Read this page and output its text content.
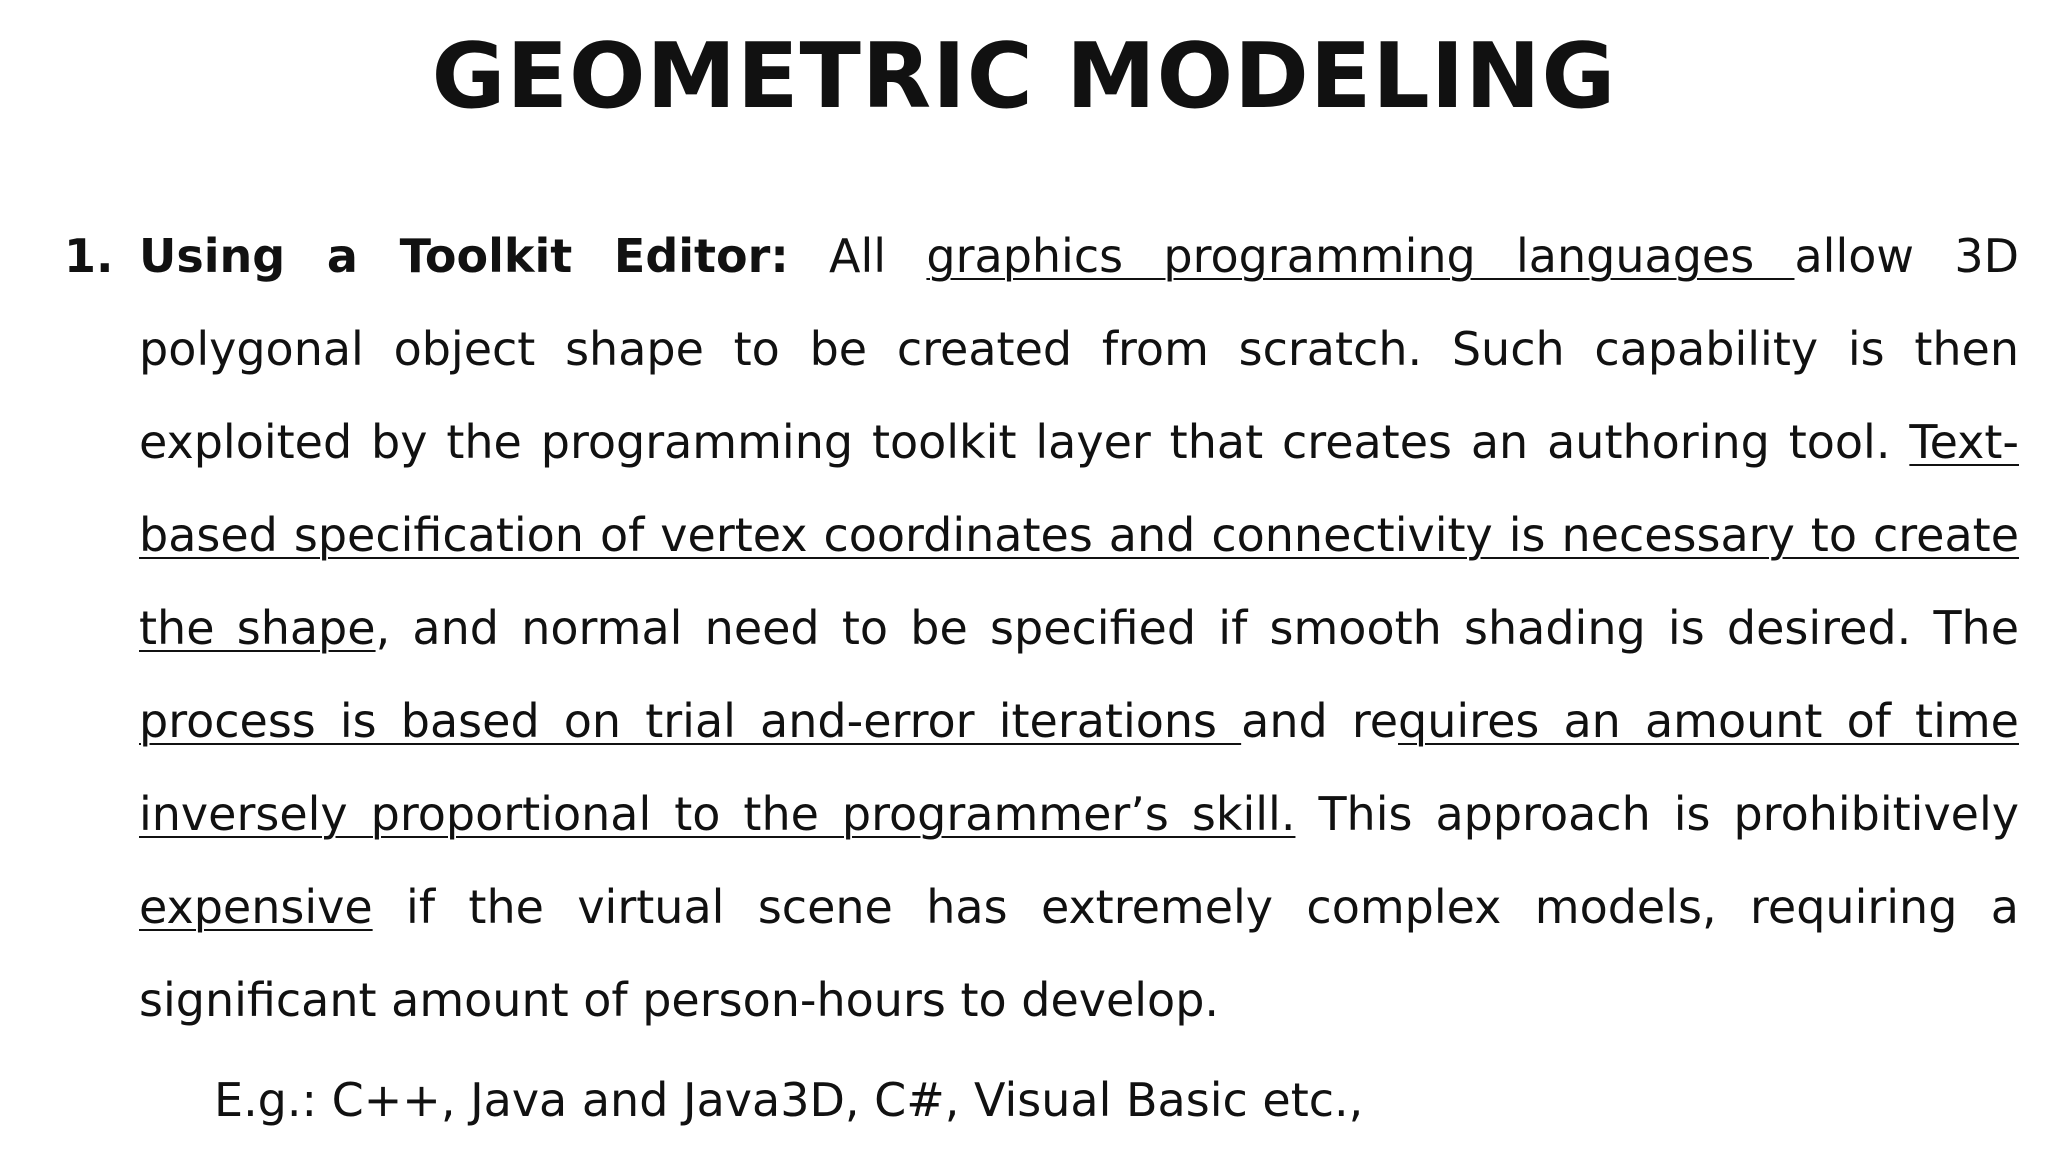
GEOMETRIC MODELING
1. Using a Toolkit Editor: All graphics programming languages allow 3D polygonal object shape to be created from scratch. Such capability is then exploited by the programming toolkit layer that creates an authoring tool. Text-based specification of vertex coordinates and connectivity is necessary to create the shape, and normal need to be specified if smooth shading is desired. The process is based on trial and-error iterations and requires an amount of time inversely proportional to the programmer’s skill. This approach is prohibitively expensive if the virtual scene has extremely complex models, requiring a significant amount of person-hours to develop.

E.g.: C++, Java and Java3D, C#, Visual Basic etc.,
